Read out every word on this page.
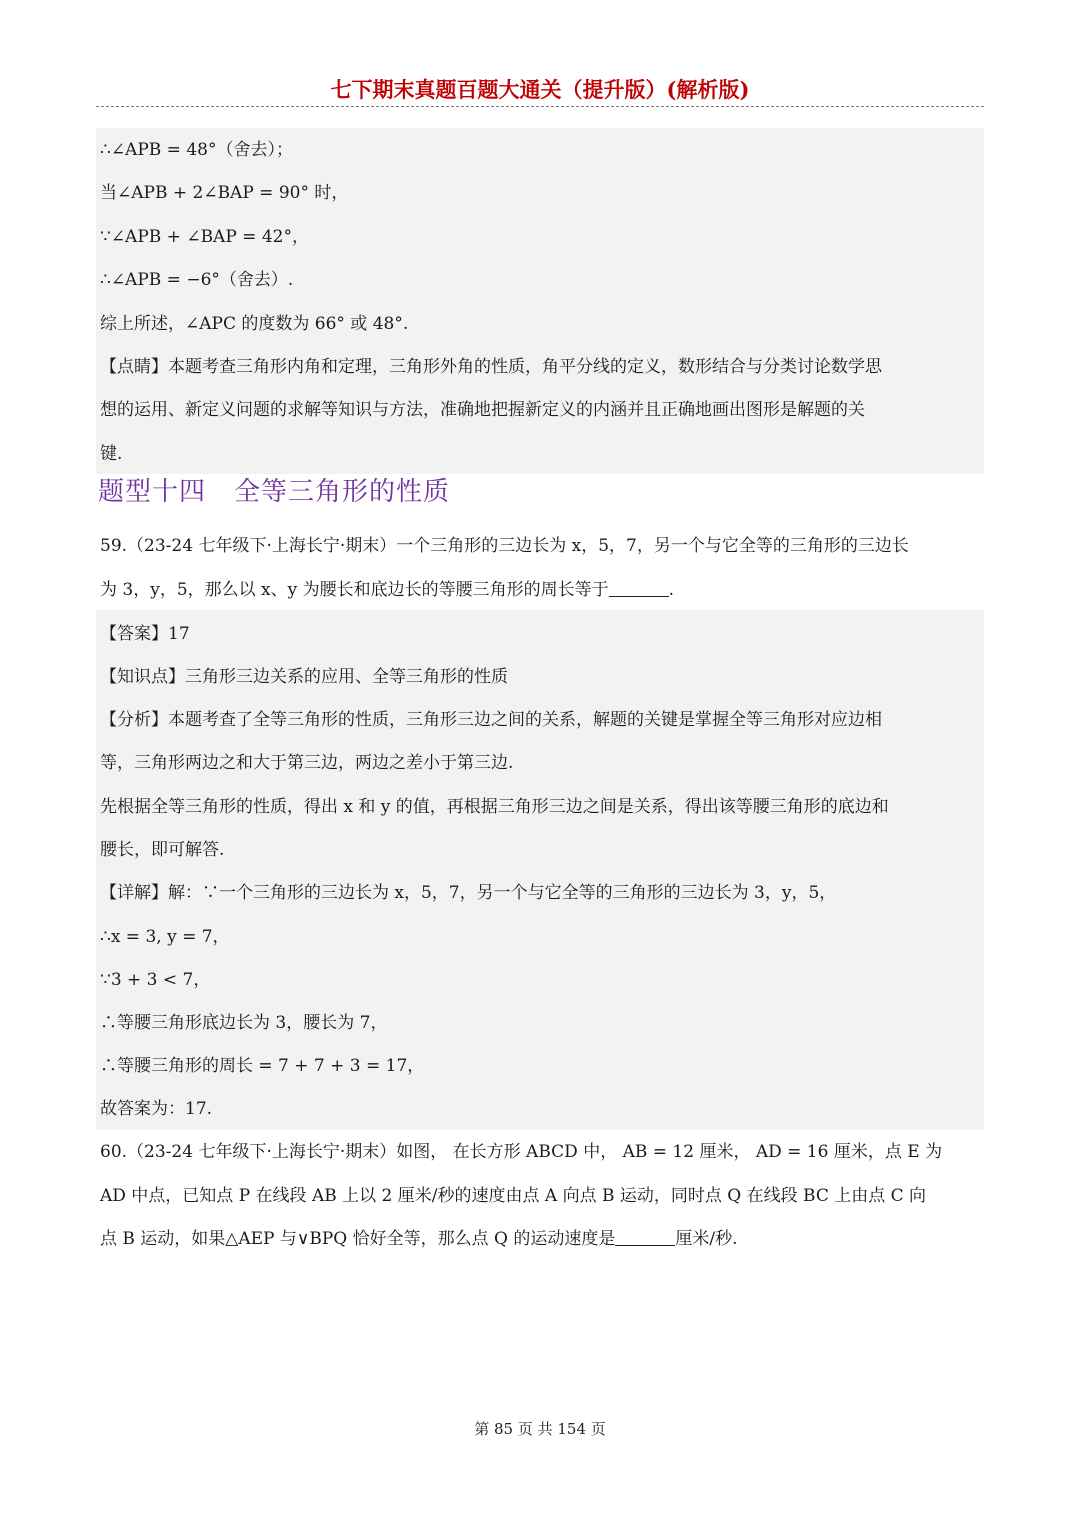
七下期末真题百题大通关（提升版）(解析版)
∴∠APB = 48°（舍去）；
当∠APB + 2∠BAP = 90° 时，
∵∠APB + ∠BAP = 42°，
∴∠APB = −6°（舍去）.
综上所述，∠APC 的度数为 66° 或 48°.
【点睛】本题考查三角形内角和定理，三角形外角的性质，角平分线的定义，数形结合与分类讨论数学思
想的运用、新定义问题的求解等知识与方法，准确地把握新定义的内涵并且正确地画出图形是解题的关
键.
题型十四 全等三角形的性质
59.（23-24 七年级下·上海长宁·期末）一个三角形的三边长为 x，5，7，另一个与它全等的三角形的三边长
为 3，y，5，那么以 x、y 为腰长和底边长的等腰三角形的周长等于	.
【答案】17
【知识点】三角形三边关系的应用、全等三角形的性质
【分析】本题考查了全等三角形的性质，三角形三边之间的关系，解题的关键是掌握全等三角形对应边相
等，三角形两边之和大于第三边，两边之差小于第三边.
先根据全等三角形的性质，得出 x 和 y 的值，再根据三角形三边之间是关系，得出该等腰三角形的底边和
腰长，即可解答.
【详解】解：∵一个三角形的三边长为 x，5，7，另一个与它全等的三角形的三边长为 3，y，5，
∴x = 3, y = 7，
∵3 + 3 < 7，
∴等腰三角形底边长为 3，腰长为 7，
∴等腰三角形的周长 = 7 + 7 + 3 = 17，
故答案为：17.
60.（23-24 七年级下·上海长宁·期末）如图， 在长方形 ABCD 中， AB = 12 厘米， AD = 16 厘米，点 E 为
AD 中点，已知点 P 在线段 AB 上以 2 厘米/秒的速度由点 A 向点 B 运动，同时点 Q 在线段 BC 上由点 C 向
点 B 运动，如果△AEP 与∨BPQ 恰好全等，那么点 Q 的运动速度是	厘米/秒.
第 85 页 共 154 页
